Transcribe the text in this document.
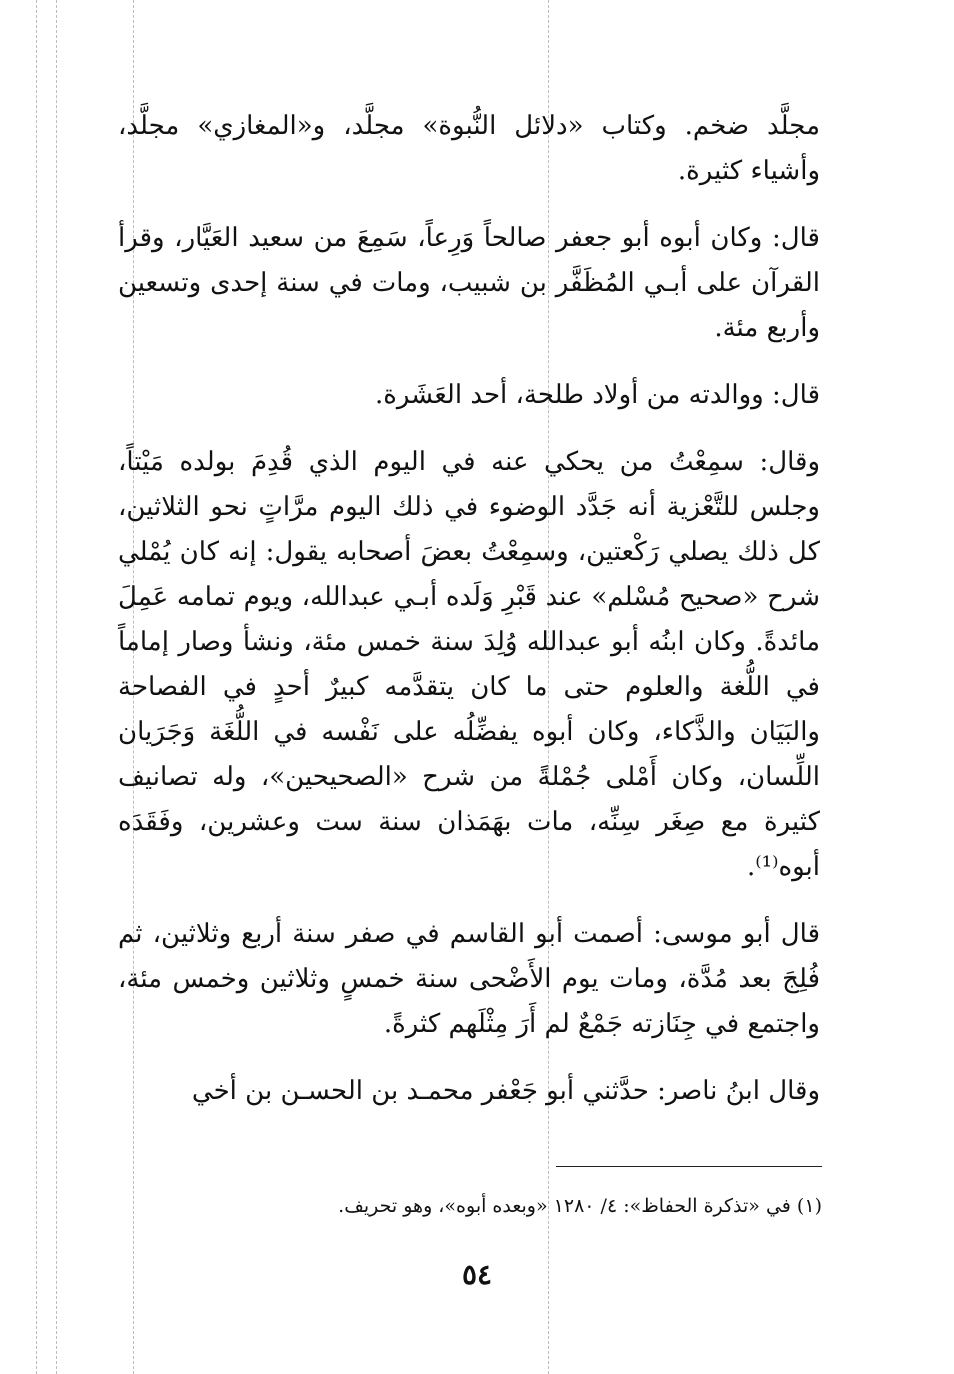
مجلَّد ضخم. وكتاب «دلائل النُّبوة» مجلَّد، و«المغازي» مجلَّد، وأشياء كثيرة.

قال: وكان أبوه أبو جعفر صالحاً وَرِعاً، سَمِعَ من سعيد العَيَّار، وقرأ القرآن على أبـي المُظَفَّر بن شبيب، ومات في سنة إحدى وتسعين وأربع مئة.

قال: ووالدته من أولاد طلحة، أحد العَشَرة.

وقال: سمِعْتُ من يحكي عنه في اليوم الذي قُدِمَ بولده مَيْتاً، وجلس للتَّعْزية أنه جَدَّد الوضوء في ذلك اليوم مرَّاتٍ نحو الثلاثين، كل ذلك يصلي رَكْعتين، وسمِعْتُ بعضَ أصحابه يقول: إنه كان يُمْلي شرح «صحيح مُسْلم» عند قَبْرِ وَلَده أبـي عبدالله، ويوم تمامه عَمِلَ مائدةً. وكان ابنُه أبو عبدالله وُلِدَ سنة خمس مئة، ونشأ وصار إماماً في اللُّغة والعلوم حتى ما كان يتقدَّمه كبيرٌ أحدٍ في الفصاحة والبَيَان والذَّكاء، وكان أبوه يفضِّلُه على نَفْسه في اللُّغَة وَجَرَيان اللِّسان، وكان أَمْلى جُمْلةً من شرح «الصحيحين»، وله تصانيف كثيرة مع صِغَر سِنِّه، مات بهَمَذان سنة ست وعشرين، وفَقَدَه أبوه⁽¹⁾.

قال أبو موسى: أصمت أبو القاسم في صفر سنة أربع وثلاثين، ثم فُلِجَ بعد مُدَّة، ومات يوم الأَضْحى سنة خمسٍ وثلاثين وخمس مئة، واجتمع في جِنَازته جَمْعٌ لم أَرَ مِثْلَهم كثرةً.

وقال ابنُ ناصر: حدَّثني أبو جَعْفر محمـد بن الحسـن بن أخي

(١) في «تذكرة الحفاظ»: ٤/ ١٢٨٠ «وبعده أبوه»، وهو تحريف.
٥٤
